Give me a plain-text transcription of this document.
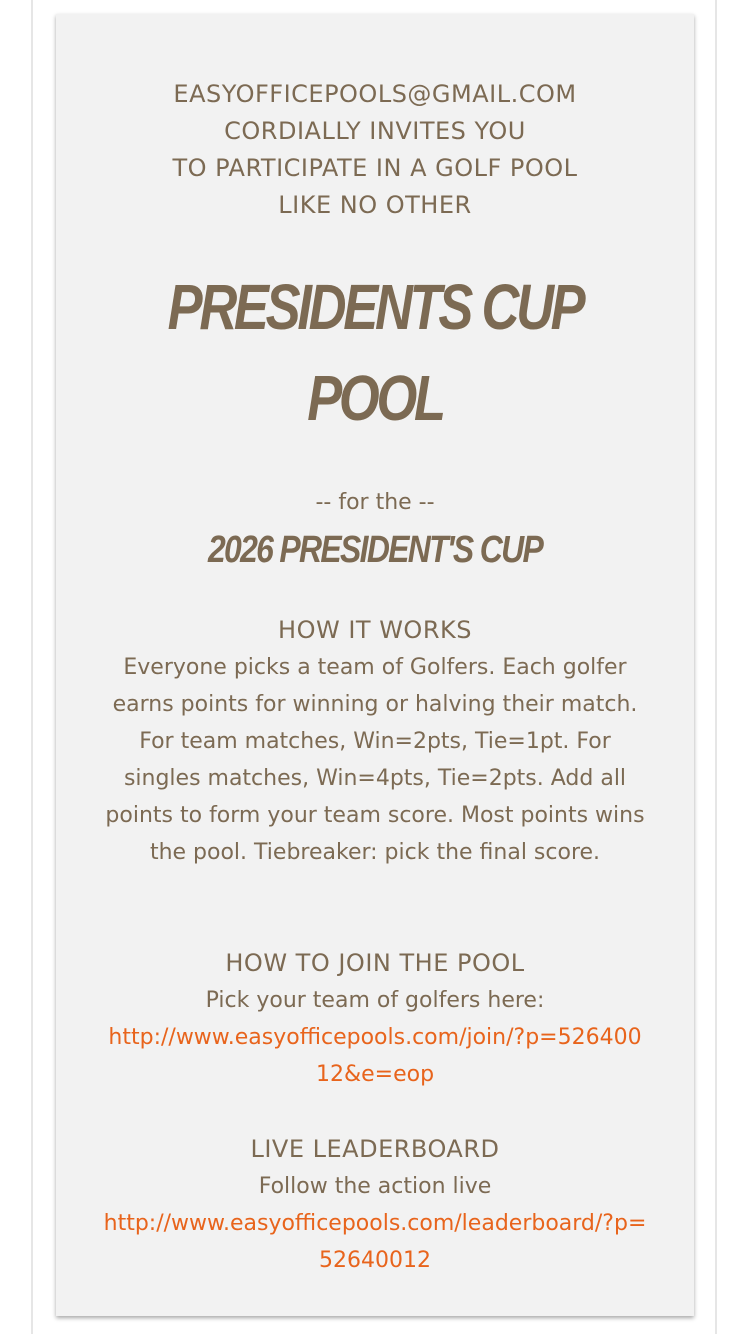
EASYOFFICEPOOLS@GMAIL.COM
CORDIALLY INVITES YOU
TO PARTICIPATE IN A GOLF POOL
LIKE NO OTHER
PRESIDENTS CUP
POOL
-- for the --
2026 PRESIDENT'S CUP
HOW IT WORKS
Everyone picks a team of Golfers. Each golfer earns points for winning or halving their match. For team matches, Win=2pts, Tie=1pt. For singles matches, Win=4pts, Tie=2pts. Add all points to form your team score. Most points wins the pool. Tiebreaker: pick the final score.
HOW TO JOIN THE POOL
Pick your team of golfers here:
http://www.easyofficepools.com/join/?p=52640012&e=eop
LIVE LEADERBOARD
Follow the action live
http://www.easyofficepools.com/leaderboard/?p= 52640012
